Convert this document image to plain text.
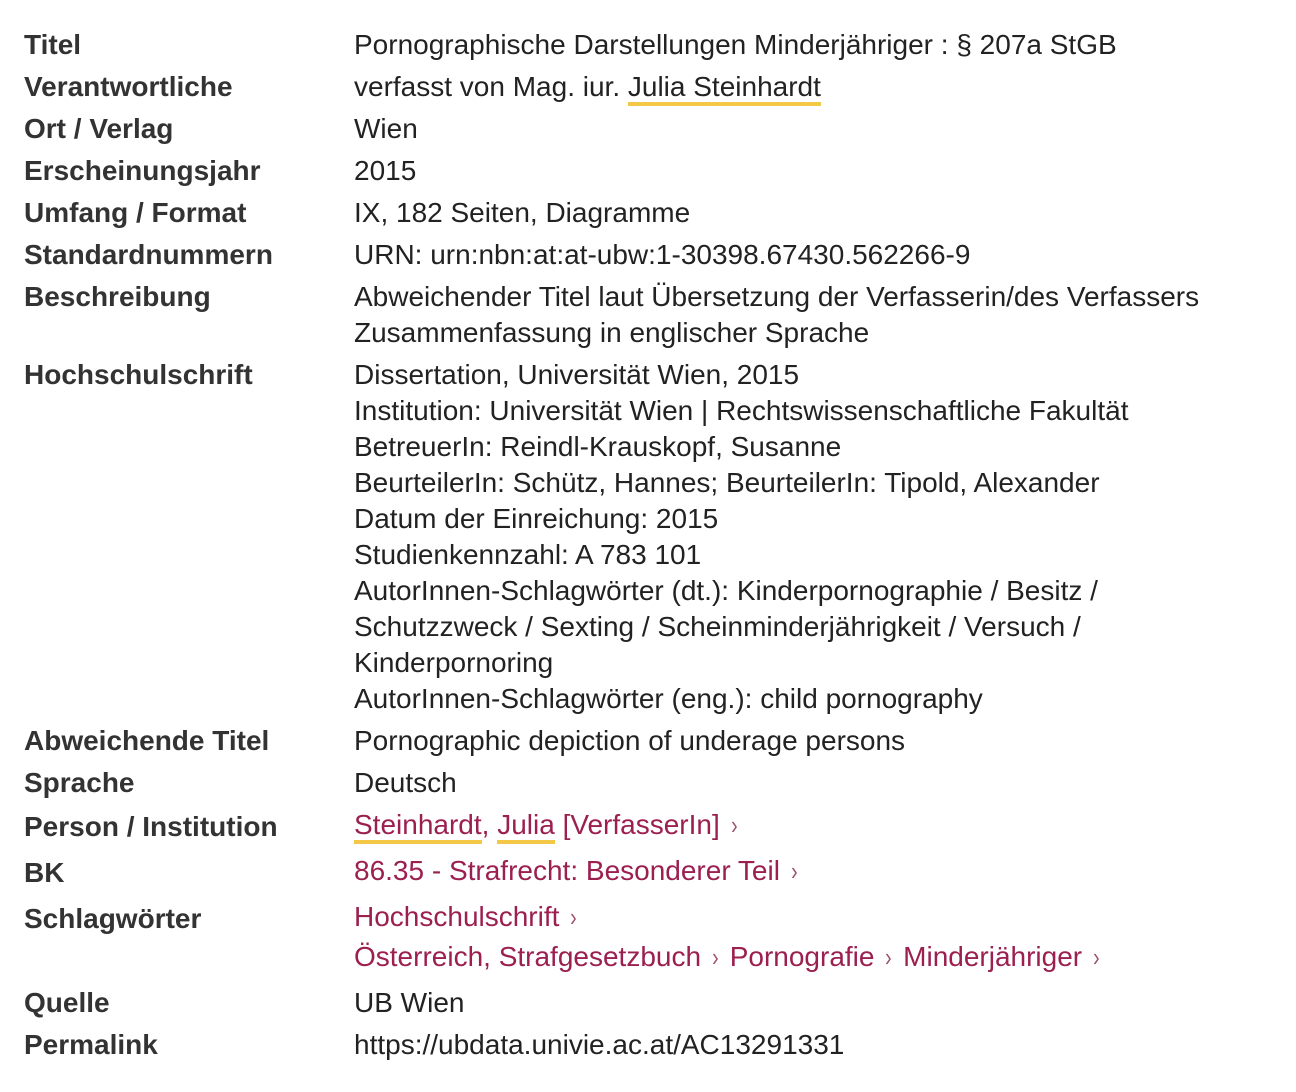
Titel	Pornographische Darstellungen Minderjähriger : § 207a StGB
Verantwortliche	verfasst von Mag. iur. Julia Steinhardt
Ort / Verlag	Wien
Erscheinungsjahr	2015
Umfang / Format	IX, 182 Seiten, Diagramme
Standardnummern	URN: urn:nbn:at:at-ubw:1-30398.67430.562266-9
Beschreibung	Abweichender Titel laut Übersetzung der Verfasserin/des Verfassers
Zusammenfassung in englischer Sprache
Hochschulschrift	Dissertation, Universität Wien, 2015
Institution: Universität Wien | Rechtswissenschaftliche Fakultät
BetreuerIn: Reindl-Krauskopf, Susanne
BeurteilerIn: Schütz, Hannes; BeurteilerIn: Tipold, Alexander
Datum der Einreichung: 2015
Studienkennzahl: A 783 101
AutorInnen-Schlagwörter (dt.): Kinderpornographie / Besitz /
Schutzzweck / Sexting / Scheinminderjährigkeit / Versuch /
Kinderpornoring
AutorInnen-Schlagwörter (eng.): child pornography
Abweichende Titel	Pornographic depiction of underage persons
Sprache	Deutsch
Person / Institution	Steinhardt, Julia [VerfasserIn] ›
BK	86.35 - Strafrecht: Besonderer Teil ›
Schlagwörter	Hochschulschrift ›
Österreich, Strafgesetzbuch › Pornografie › Minderjähriger ›
Quelle	UB Wien
Permalink	https://ubdata.univie.ac.at/AC13291331
